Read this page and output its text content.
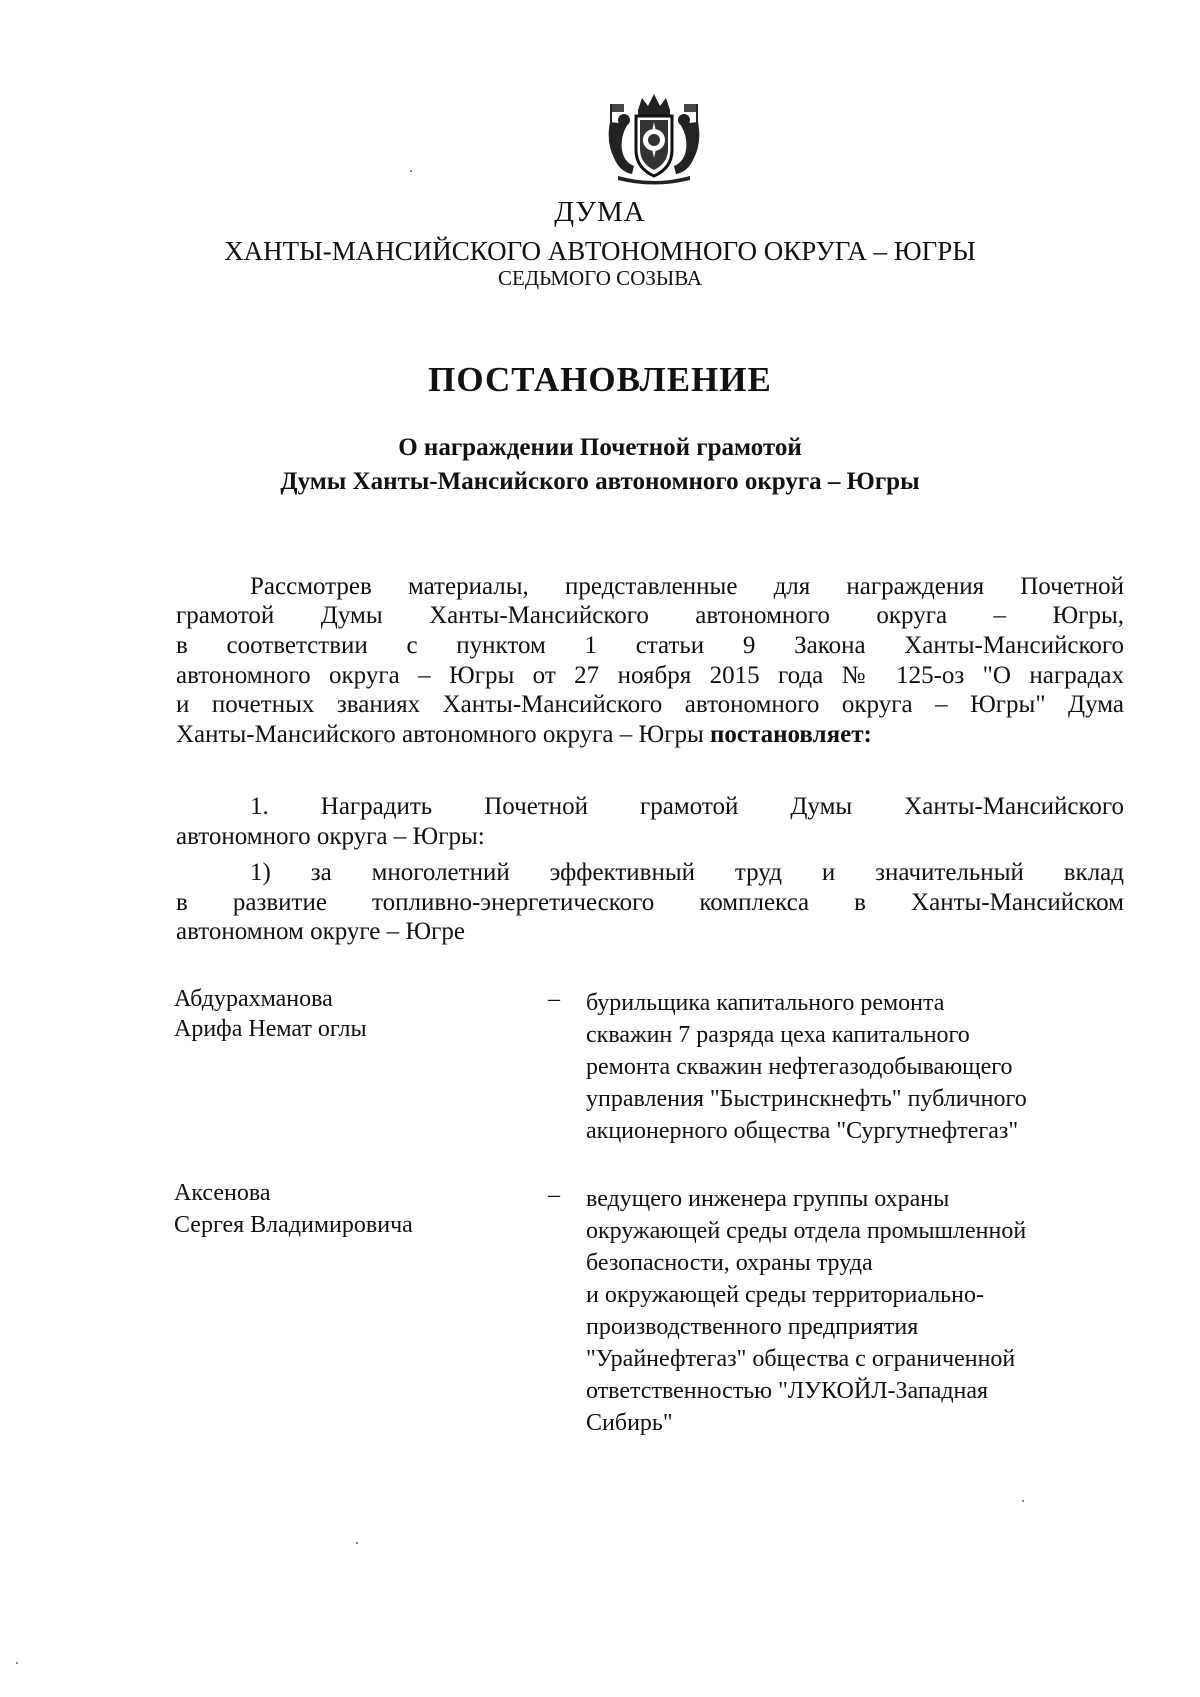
ДУМА
ХАНТЫ-МАНСИЙСКОГО АВТОНОМНОГО ОКРУГА – ЮГРЫ
СЕДЬМОГО СОЗЫВА
ПОСТАНОВЛЕНИЕ
О награждении Почетной грамотой
Думы Ханты-Мансийского автономного округа – Югры
Рассмотрев материалы, представленные для награждения Почетной
грамотой Думы Ханты-Мансийского автономного округа – Югры,
в соответствии с пунктом 1 статьи 9 Закона Ханты-Мансийского
автономного округа – Югры от 27 ноября 2015 года № 125-оз "О наградах
и почетных званиях Ханты-Мансийского автономного округа – Югры" Дума
Ханты-Мансийского автономного округа – Югры постановляет:
1. Наградить Почетной грамотой Думы Ханты-Мансийского
автономного округа – Югры:
1) за многолетний эффективный труд и значительный вклад
в развитие топливно-энергетического комплекса в Ханты-Мансийском
автономном округе – Югре
Абдурахманова
Арифа Немат оглы
– бурильщика капитального ремонта
скважин 7 разряда цеха капитального
ремонта скважин нефтегазодобывающего
управления "Быстринскнефть" публичного
акционерного общества "Сургутнефтегаз"
Аксенова
Сергея Владимировича
– ведущего инженера группы охраны
окружающей среды отдела промышленной
безопасности, охраны труда
и окружающей среды территориально-
производственного предприятия
"Урайнефтегаз" общества с ограниченной
ответственностью "ЛУКОЙЛ-Западная
Сибирь"
